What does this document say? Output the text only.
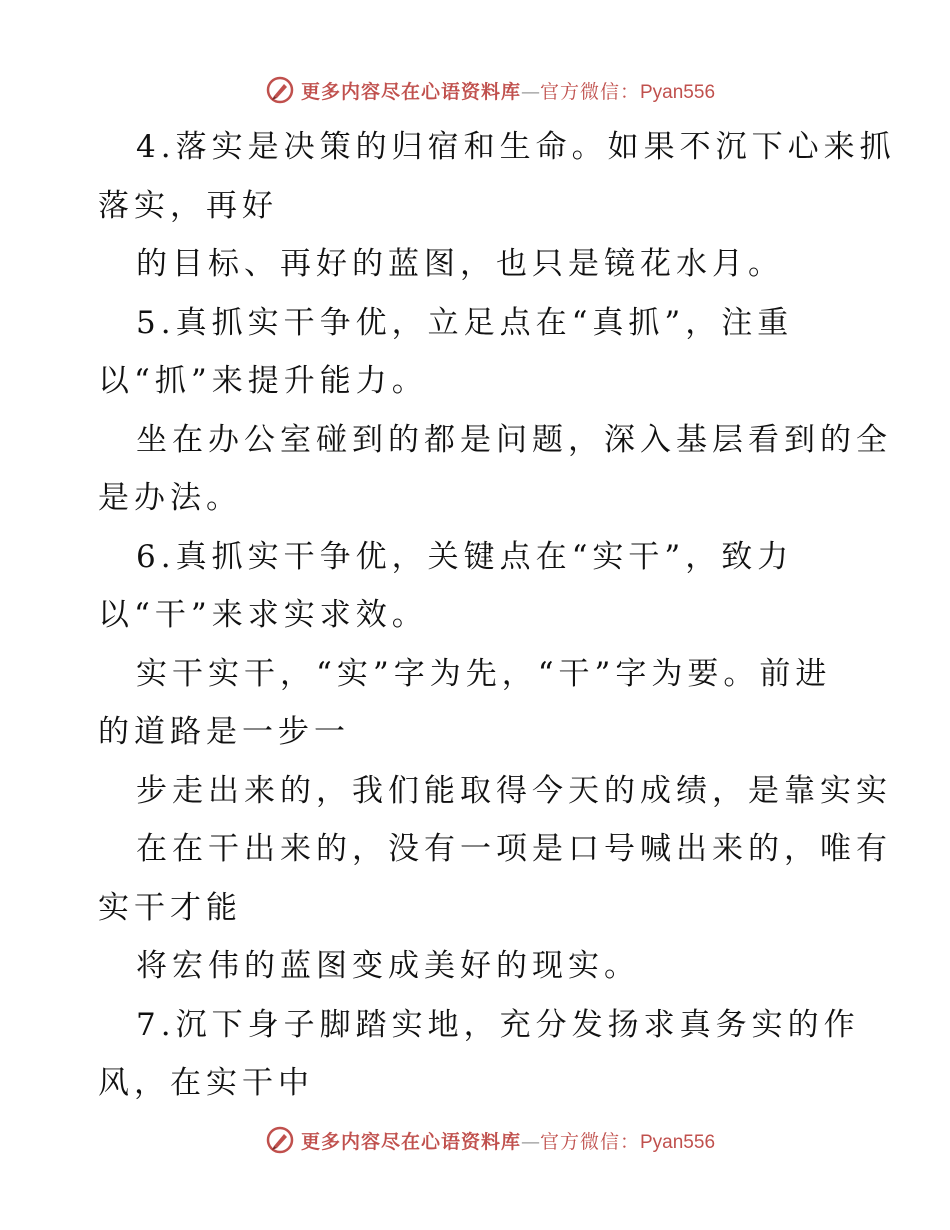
更多内容尽在心语资料库—官方微信：Pyan556
4.落实是决策的归宿和生命。如果不沉下心来抓
落实，再好
的目标、再好的蓝图，也只是镜花水月。
5.真抓实干争优，立足点在“真抓”，注重
以“抓”来提升能力。
坐在办公室碰到的都是问题，深入基层看到的全
是办法。
6.真抓实干争优，关键点在“实干”，致力
以“干”来求实求效。
实干实干，“实”字为先，“干”字为要。前进
的道路是一步一
步走出来的，我们能取得今天的成绩，是靠实实
在在干出来的，没有一项是口号喊出来的，唯有
实干才能
将宏伟的蓝图变成美好的现实。
7.沉下身子脚踏实地，充分发扬求真务实的作
风，在实干中
更多内容尽在心语资料库—官方微信：Pyan556
